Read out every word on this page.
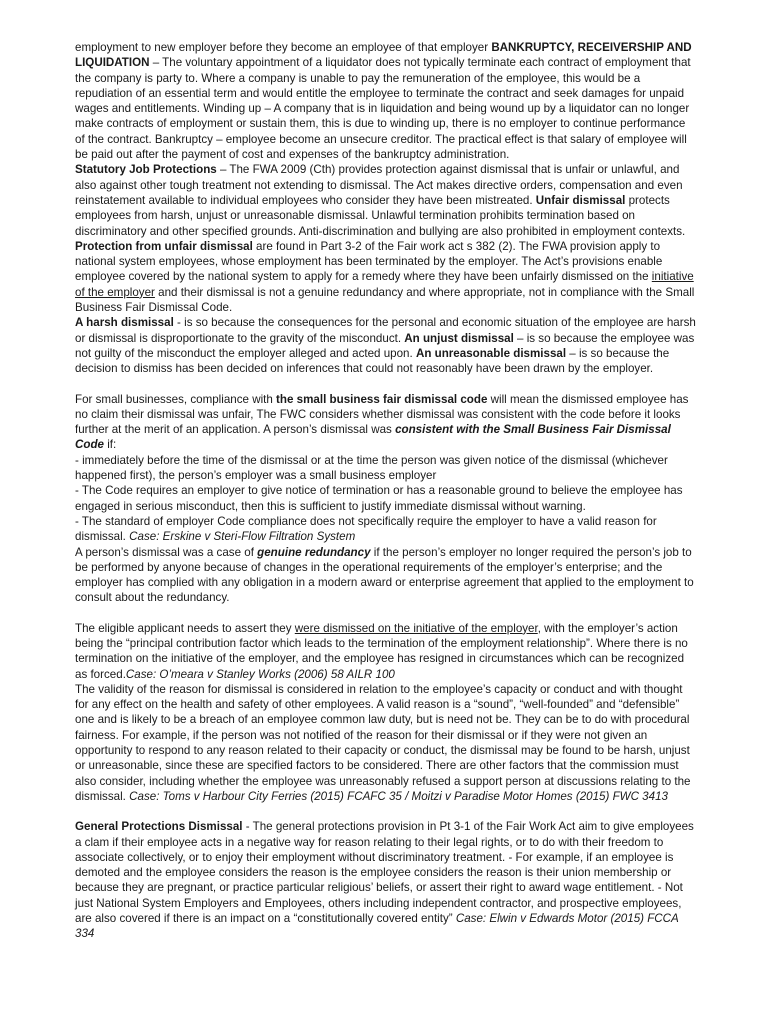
employment to new employer before they become an employee of that employer BANKRUPTCY, RECEIVERSHIP AND LIQUIDATION – The voluntary appointment of a liquidator does not typically terminate each contract of employment that the company is party to. Where a company is unable to pay the remuneration of the employee, this would be a repudiation of an essential term and would entitle the employee to terminate the contract and seek damages for unpaid wages and entitlements. Winding up – A company that is in liquidation and being wound up by a liquidator can no longer make contracts of employment or sustain them, this is due to winding up, there is no employer to continue performance of the contract. Bankruptcy – employee become an unsecure creditor. The practical effect is that salary of employee will be paid out after the payment of cost and expenses of the bankruptcy administration.

Statutory Job Protections – The FWA 2009 (Cth) provides protection against dismissal that is unfair or unlawful, and also against other tough treatment not extending to dismissal. The Act makes directive orders, compensation and even reinstatement available to individual employees who consider they have been mistreated. Unfair dismissal protects employees from harsh, unjust or unreasonable dismissal. Unlawful termination prohibits termination based on discriminatory and other specified grounds. Anti-discrimination and bullying are also prohibited in employment contexts.

Protection from unfair dismissal are found in Part 3-2 of the Fair work act s 382 (2). The FWA provision apply to national system employees, whose employment has been terminated by the employer. The Act’s provisions enable employee covered by the national system to apply for a remedy where they have been unfairly dismissed on the initiative of the employer and their dismissal is not a genuine redundancy and where appropriate, not in compliance with the Small Business Fair Dismissal Code.

A harsh dismissal - is so because the consequences for the personal and economic situation of the employee are harsh or dismissal is disproportionate to the gravity of the misconduct. An unjust dismissal – is so because the employee was not guilty of the misconduct the employer alleged and acted upon. An unreasonable dismissal – is so because the decision to dismiss has been decided on inferences that could not reasonably have been drawn by the employer.

For small businesses, compliance with the small business fair dismissal code will mean the dismissed employee has no claim their dismissal was unfair, The FWC considers whether dismissal was consistent with the code before it looks further at the merit of an application. A person’s dismissal was consistent with the Small Business Fair Dismissal Code if:

- immediately before the time of the dismissal or at the time the person was given notice of the dismissal (whichever happened first), the person’s employer was a small business employer

- The Code requires an employer to give notice of termination or has a reasonable ground to believe the employee has engaged in serious misconduct, then this is sufficient to justify immediate dismissal without warning.

- The standard of employer Code compliance does not specifically require the employer to have a valid reason for dismissal. Case: Erskine v Steri-Flow Filtration System

A person’s dismissal was a case of genuine redundancy if the person’s employer no longer required the person’s job to be performed by anyone because of changes in the operational requirements of the employer’s enterprise; and the employer has complied with any obligation in a modern award or enterprise agreement that applied to the employment to consult about the redundancy.

The eligible applicant needs to assert they were dismissed on the initiative of the employer, with the employer’s action being the “principal contribution factor which leads to the termination of the employment relationship”. Where there is no termination on the initiative of the employer, and the employee has resigned in circumstances which can be recognized as forced.Case: O’meara v Stanley Works (2006) 58 AILR 100

The validity of the reason for dismissal is considered in relation to the employee’s capacity or conduct and with thought for any effect on the health and safety of other employees. A valid reason is a “sound”, “well-founded” and “defensible” one and is likely to be a breach of an employee common law duty, but is need not be. They can be to do with procedural fairness. For example, if the person was not notified of the reason for their dismissal or if they were not given an opportunity to respond to any reason related to their capacity or conduct, the dismissal may be found to be harsh, unjust or unreasonable, since these are specified factors to be considered. There are other factors that the commission must also consider, including whether the employee was unreasonably refused a support person at discussions relating to the dismissal. Case: Toms v Harbour City Ferries (2015) FCAFC 35 / Moitzi v Paradise Motor Homes (2015) FWC 3413

General Protections Dismissal - The general protections provision in Pt 3-1 of the Fair Work Act aim to give employees a clam if their employee acts in a negative way for reason relating to their legal rights, or to do with their freedom to associate collectively, or to enjoy their employment without discriminatory treatment. - For example, if an employee is demoted and the employee considers the reason is the employee considers the reason is their union membership or because they are pregnant, or practice particular religious’ beliefs, or assert their right to award wage entitlement. - Not just National System Employers and Employees, others including independent contractor, and prospective employees, are also covered if there is an impact on a “constitutionally covered entity” Case: Elwin v Edwards Motor (2015) FCCA 334
